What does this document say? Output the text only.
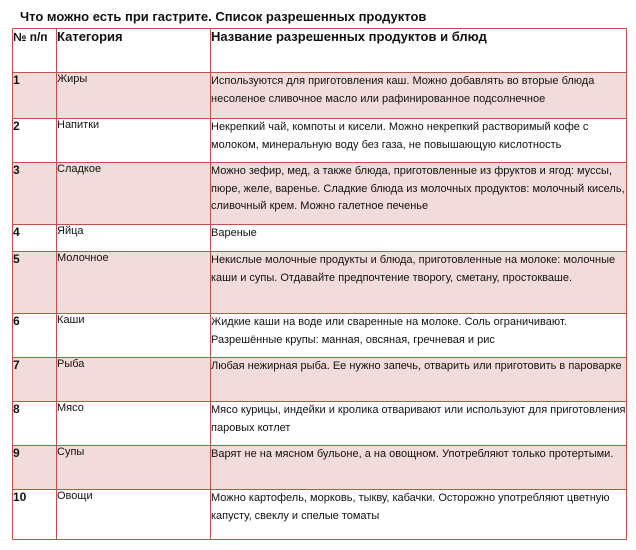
Что можно есть при гастрите. Список разрешенных продуктов
№ п/п	Категория	Название разрешенных продуктов и блюд
1	Жиры	Используются для приготовления каш. Можно добавлять во вторые блюда несоленое сливочное масло или рафинированное подсолнечное
2	Напитки	Некрепкий чай, компоты и кисели. Можно некрепкий растворимый кофе с молоком, минеральную воду без газа, не повышающую кислотность
3	Сладкое	Можно зефир, мед, а также блюда, приготовленные из фруктов и ягод: муссы, пюре, желе, варенье. Сладкие блюда из молочных продуктов: молочный кисель, сливочный крем. Можно галетное печенье
4	Яйца	Вареные
5	Молочное	Некислые молочные продукты и блюда, приготовленные на молоке: молочные каши и супы. Отдавайте предпочтение творогу, сметану, простокваше.
6	Каши	Жидкие каши на воде или сваренные на молоке. Соль ограничивают. Разрешённые крупы: манная, овсяная, гречневая и рис
7	Рыба	Любая нежирная рыба. Ее нужно запечь, отварить или приготовить в пароварке
8	Мясо	Мясо курицы, индейки и кролика отваривают или используют для приготовления паровых котлет
9	Супы	Варят не на мясном бульоне, а на овощном. Употребляют только протертыми.
10	Овощи	Можно картофель, морковь, тыкву, кабачки. Осторожно употребляют цветную капусту, свеклу и спелые томаты
